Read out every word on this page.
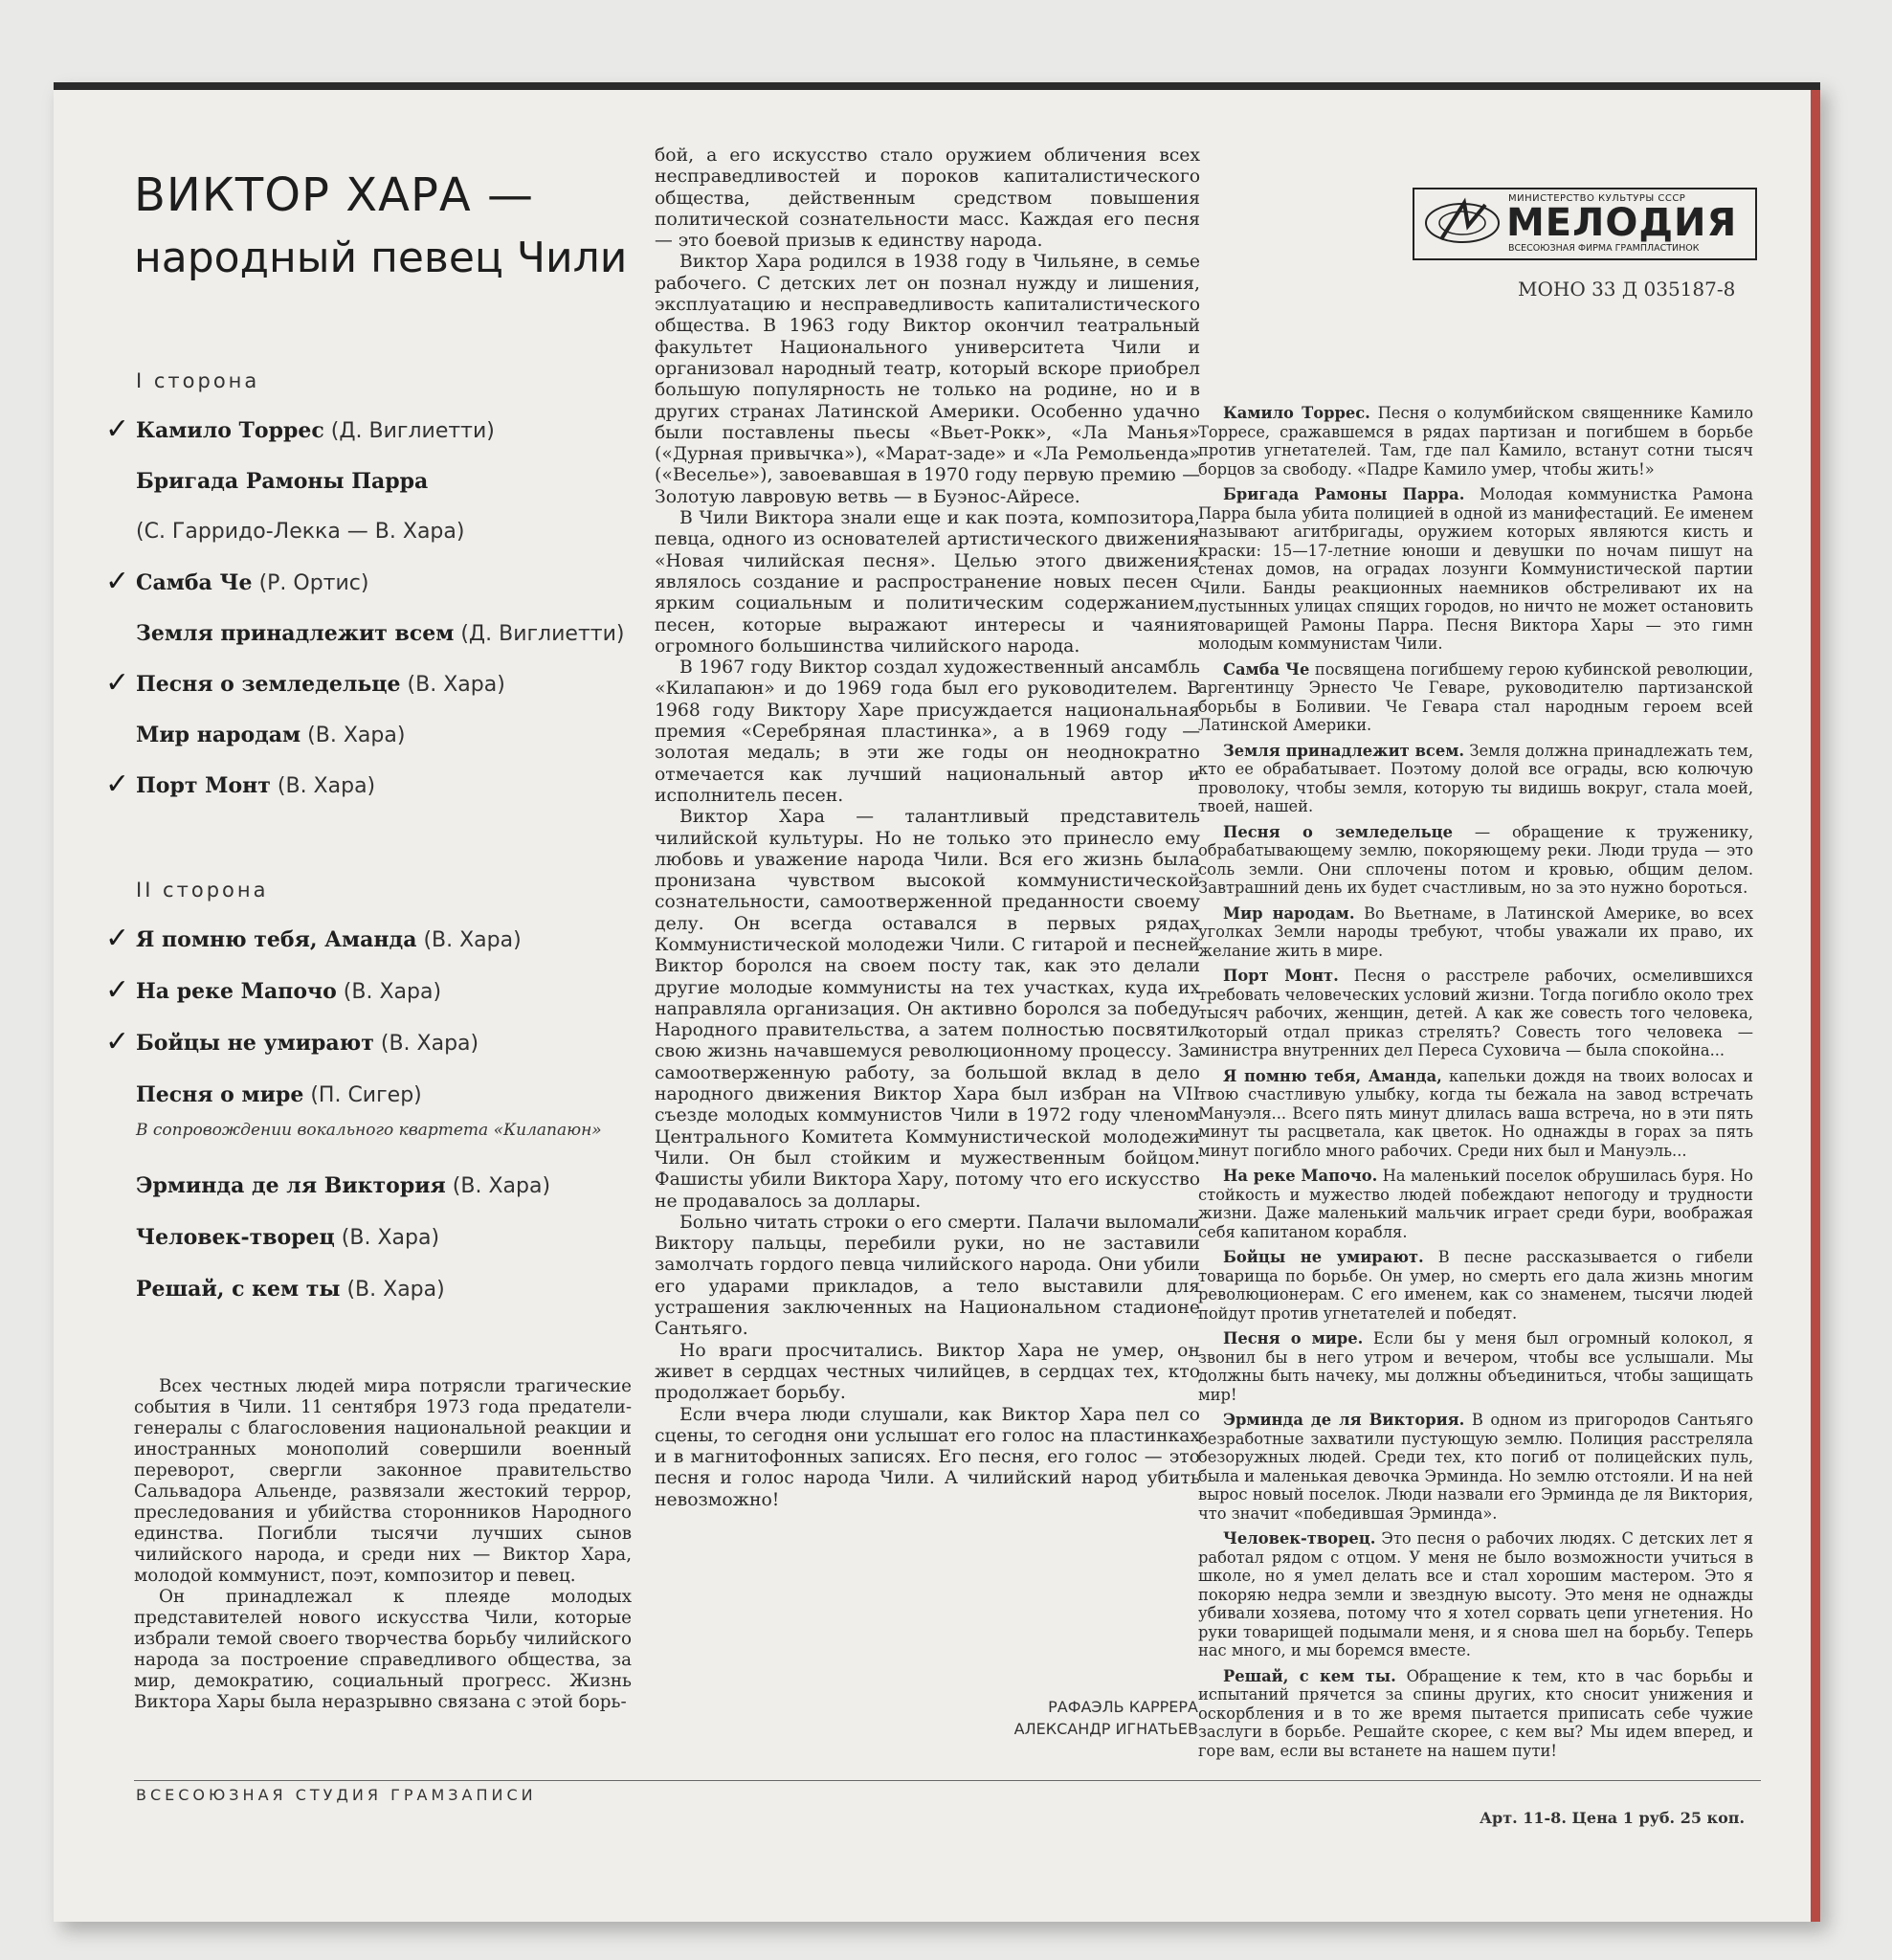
ВИКТОР ХАРА —
народный певец Чили
I сторона
✓ Камило Торрес (Д. Виглиетти)
Бригада Рамоны Парра
(С. Гарридо-Лекка — В. Хара)
✓ Самба Че (Р. Ортис)
Земля принадлежит всем (Д. Виглиетти)
✓ Песня о земледельце (В. Хара)
Мир народам (В. Хара)
✓ Порт Монт (В. Хара)
II сторона
✓ Я помню тебя, Аманда (В. Хара)
✓ На реке Мапочо (В. Хара)
✓ Бойцы не умирают (В. Хара)
Песня о мире (П. Сигер)
В сопровождении вокального квартета «Килапаюн»
Эрминда де ля Виктория (В. Хара)
Человек-творец (В. Хара)
Решай, с кем ты (В. Хара)

Всех честных людей мира потрясли трагические события в Чили. 11 сентября 1973 года предатели-генералы с благословения национальной реакции и иностранных монополий совершили военный переворот, свергли законное правительство Сальвадора Альенде, развязали жестокий террор, преследования и убийства сторонников Народного единства. Погибли тысячи лучших сынов чилийского народа, и среди них — Виктор Хара, молодой коммунист, поэт, композитор и певец.

Он принадлежал к плеяде молодых представителей нового искусства Чили, которые избрали темой своего творчества борьбу чилийского народа за построение справедливого общества, за мир, демократию, социальный прогресс. Жизнь Виктора Хары была неразрывно связана с этой борь-

бой, а его искусство стало оружием обличения всех несправедливостей и пороков капиталистического общества, действенным средством повышения политической сознательности масс. Каждая его песня — это боевой призыв к единству народа.

Виктор Хара родился в 1938 году в Чильяне, в семье рабочего. С детских лет он познал нужду и лишения, эксплуатацию и несправедливость капиталистического общества. В 1963 году Виктор окончил театральный факультет Национального университета Чили и организовал народный театр, который вскоре приобрел большую популярность не только на родине, но и в других странах Латинской Америки. Особенно удачно были поставлены пьесы «Вьет-Рокк», «Ла Манья» («Дурная привычка»), «Марат-заде» и «Ла Ремольенда» («Веселье»), завоевавшая в 1970 году первую премию — Золотую лавровую ветвь — в Буэнос-Айресе.

В Чили Виктора знали еще и как поэта, композитора, певца, одного из основателей артистического движения «Новая чилийская песня». Целью этого движения являлось создание и распространение новых песен с ярким социальным и политическим содержанием, песен, которые выражают интересы и чаяния огромного большинства чилийского народа.

В 1967 году Виктор создал художественный ансамбль «Килапаюн» и до 1969 года был его руководителем. В 1968 году Виктору Харе присуждается национальная премия «Серебряная пластинка», а в 1969 году — золотая медаль; в эти же годы он неоднократно отмечается как лучший национальный автор и исполнитель песен.

Виктор Хара — талантливый представитель чилийской культуры. Но не только это принесло ему любовь и уважение народа Чили. Вся его жизнь была пронизана чувством высокой коммунистической сознательности, самоотверженной преданности своему делу. Он всегда оставался в первых рядах Коммунистической молодежи Чили. С гитарой и песней Виктор боролся на своем посту так, как это делали другие молодые коммунисты на тех участках, куда их направляла организация. Он активно боролся за победу Народного правительства, а затем полностью посвятил свою жизнь начавшемуся революционному процессу. За самоотверженную работу, за большой вклад в дело народного движения Виктор Хара был избран на VII съезде молодых коммунистов Чили в 1972 году членом Центрального Комитета Коммунистической молодежи Чили. Он был стойким и мужественным бойцом. Фашисты убили Виктора Хару, потому что его искусство не продавалось за доллары.

Больно читать строки о его смерти. Палачи выломали Виктору пальцы, перебили руки, но не заставили замолчать гордого певца чилийского народа. Они убили его ударами прикладов, а тело выставили для устрашения заключенных на Национальном стадионе Сантьяго.

Но враги просчитались. Виктор Хара не умер, он живет в сердцах честных чилийцев, в сердцах тех, кто продолжает борьбу.

Если вчера люди слушали, как Виктор Хара пел со сцены, то сегодня они услышат его голос на пластинках и в магнитофонных записях. Его песня, его голос — это песня и голос народа Чили. А чилийский народ убить невозможно!

РАФАЭЛЬ КАРРЕРА
АЛЕКСАНДР ИГНАТЬЕВ
МИНИСТЕРСТВО КУЛЬТУРЫ СССР
МЕЛОДИЯ
ВСЕСОЮЗНАЯ ФИРМА ГРАМПЛАСТИНОК
МОНО 33 Д 035187-8

Камило Торрес. Песня о колумбийском священнике Камило Торресе, сражавшемся в рядах партизан и погибшем в борьбе против угнетателей. Там, где пал Камило, встанут сотни тысяч борцов за свободу. «Падре Камило умер, чтобы жить!»

Бригада Рамоны Парра. Молодая коммунистка Рамона Парра была убита полицией в одной из манифестаций. Ее именем называют агитбригады, оружием которых являются кисть и краски: 15—17-летние юноши и девушки по ночам пишут на стенах домов, на оградах лозунги Коммунистической партии Чили. Банды реакционных наемников обстреливают их на пустынных улицах спящих городов, но ничто не может остановить товарищей Рамоны Парра. Песня Виктора Хары — это гимн молодым коммунистам Чили.

Самба Че посвящена погибшему герою кубинской революции, аргентинцу Эрнесто Че Геваре, руководителю партизанской борьбы в Боливии. Че Гевара стал народным героем всей Латинской Америки.

Земля принадлежит всем. Земля должна принадлежать тем, кто ее обрабатывает. Поэтому долой все ограды, всю колючую проволоку, чтобы земля, которую ты видишь вокруг, стала моей, твоей, нашей.

Песня о земледельце — обращение к труженику, обрабатывающему землю, покоряющему реки. Люди труда — это соль земли. Они сплочены потом и кровью, общим делом. Завтрашний день их будет счастливым, но за это нужно бороться.

Мир народам. Во Вьетнаме, в Латинской Америке, во всех уголках Земли народы требуют, чтобы уважали их право, их желание жить в мире.

Порт Монт. Песня о расстреле рабочих, осмелившихся требовать человеческих условий жизни. Тогда погибло около трех тысяч рабочих, женщин, детей. А как же совесть того человека, который отдал приказ стрелять? Совесть того человека — министра внутренних дел Переса Суховича — была спокойна...

Я помню тебя, Аманда, капельки дождя на твоих волосах и твою счастливую улыбку, когда ты бежала на завод встречать Мануэля... Всего пять минут длилась ваша встреча, но в эти пять минут ты расцветала, как цветок. Но однажды в горах за пять минут погибло много рабочих. Среди них был и Мануэль...

На реке Мапочо. На маленький поселок обрушилась буря. Но стойкость и мужество людей побеждают непогоду и трудности жизни. Даже маленький мальчик играет среди бури, воображая себя капитаном корабля.

Бойцы не умирают. В песне рассказывается о гибели товарища по борьбе. Он умер, но смерть его дала жизнь многим революционерам. С его именем, как со знаменем, тысячи людей пойдут против угнетателей и победят.

Песня о мире. Если бы у меня был огромный колокол, я звонил бы в него утром и вечером, чтобы все услышали. Мы должны быть начеку, мы должны объединиться, чтобы защищать мир!

Эрминда де ля Виктория. В одном из пригородов Сантьяго безработные захватили пустующую землю. Полиция расстреляла безоружных людей. Среди тех, кто погиб от полицейских пуль, была и маленькая девочка Эрминда. Но землю отстояли. И на ней вырос новый поселок. Люди назвали его Эрминда де ля Виктория, что значит «победившая Эрминда».

Человек-творец. Это песня о рабочих людях. С детских лет я работал рядом с отцом. У меня не было возможности учиться в школе, но я умел делать все и стал хорошим мастером. Это я покоряю недра земли и звездную высоту. Это меня не однажды убивали хозяева, потому что я хотел сорвать цепи угнетения. Но руки товарищей подымали меня, и я снова шел на борьбу. Теперь нас много, и мы боремся вместе.

Решай, с кем ты. Обращение к тем, кто в час борьбы и испытаний прячется за спины других, кто сносит унижения и оскорбления и в то же время пытается приписать себе чужие заслуги в борьбе. Решайте скорее, с кем вы? Мы идем вперед, и горе вам, если вы встанете на нашем пути!

ВСЕСОЮЗНАЯ СТУДИЯ ГРАМЗАПИСИ
Арт. 11-8. Цена 1 руб. 25 коп.
